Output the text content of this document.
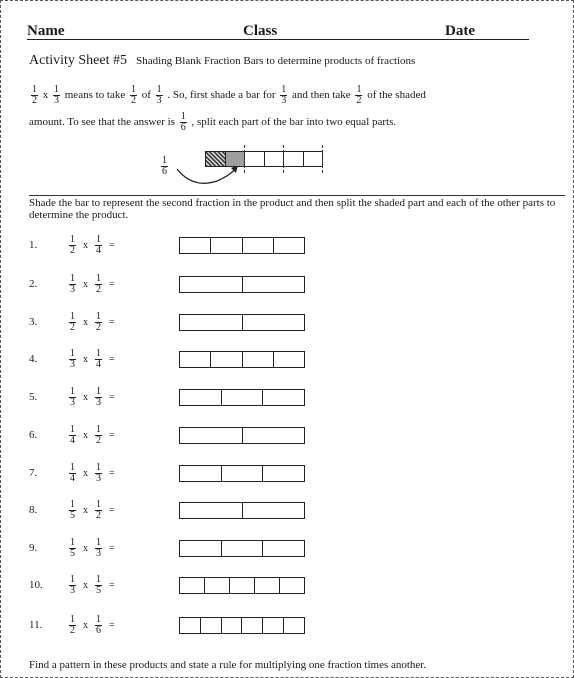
Name	Class	Date
Activity Sheet #5 Shading Blank Fraction Bars to determine products of fractions
$\frac{1}{2}$ x $\frac{1}{3}$ means to take $\frac{1}{2}$ of $\frac{1}{3}$ . So, first shade a bar for $\frac{1}{3}$ and then take $\frac{1}{2}$ of the shaded
amount. To see that the answer is $\frac{1}{6}$ , split each part of the bar into two equal parts.
$\frac{1}{6}$
Shade the bar to represent the second fraction in the product and then split the shaded part and each of the other parts to determine the product.
1.	$\frac{1}{2}$ x $\frac{1}{4}$ =
2.	$\frac{1}{3}$ x $\frac{1}{2}$ =
3.	$\frac{1}{2}$ x $\frac{1}{2}$ =
4.	$\frac{1}{3}$ x $\frac{1}{4}$ =
5.	$\frac{1}{3}$ x $\frac{1}{3}$ =
6.	$\frac{1}{4}$ x $\frac{1}{2}$ =
7.	$\frac{1}{4}$ x $\frac{1}{3}$ =
8.	$\frac{1}{5}$ x $\frac{1}{2}$ =
9.	$\frac{1}{5}$ x $\frac{1}{3}$ =
10.	$\frac{1}{3}$ x $\frac{1}{5}$ =
11.	$\frac{1}{2}$ x $\frac{1}{6}$ =
Find a pattern in these products and state a rule for multiplying one fraction times another.
